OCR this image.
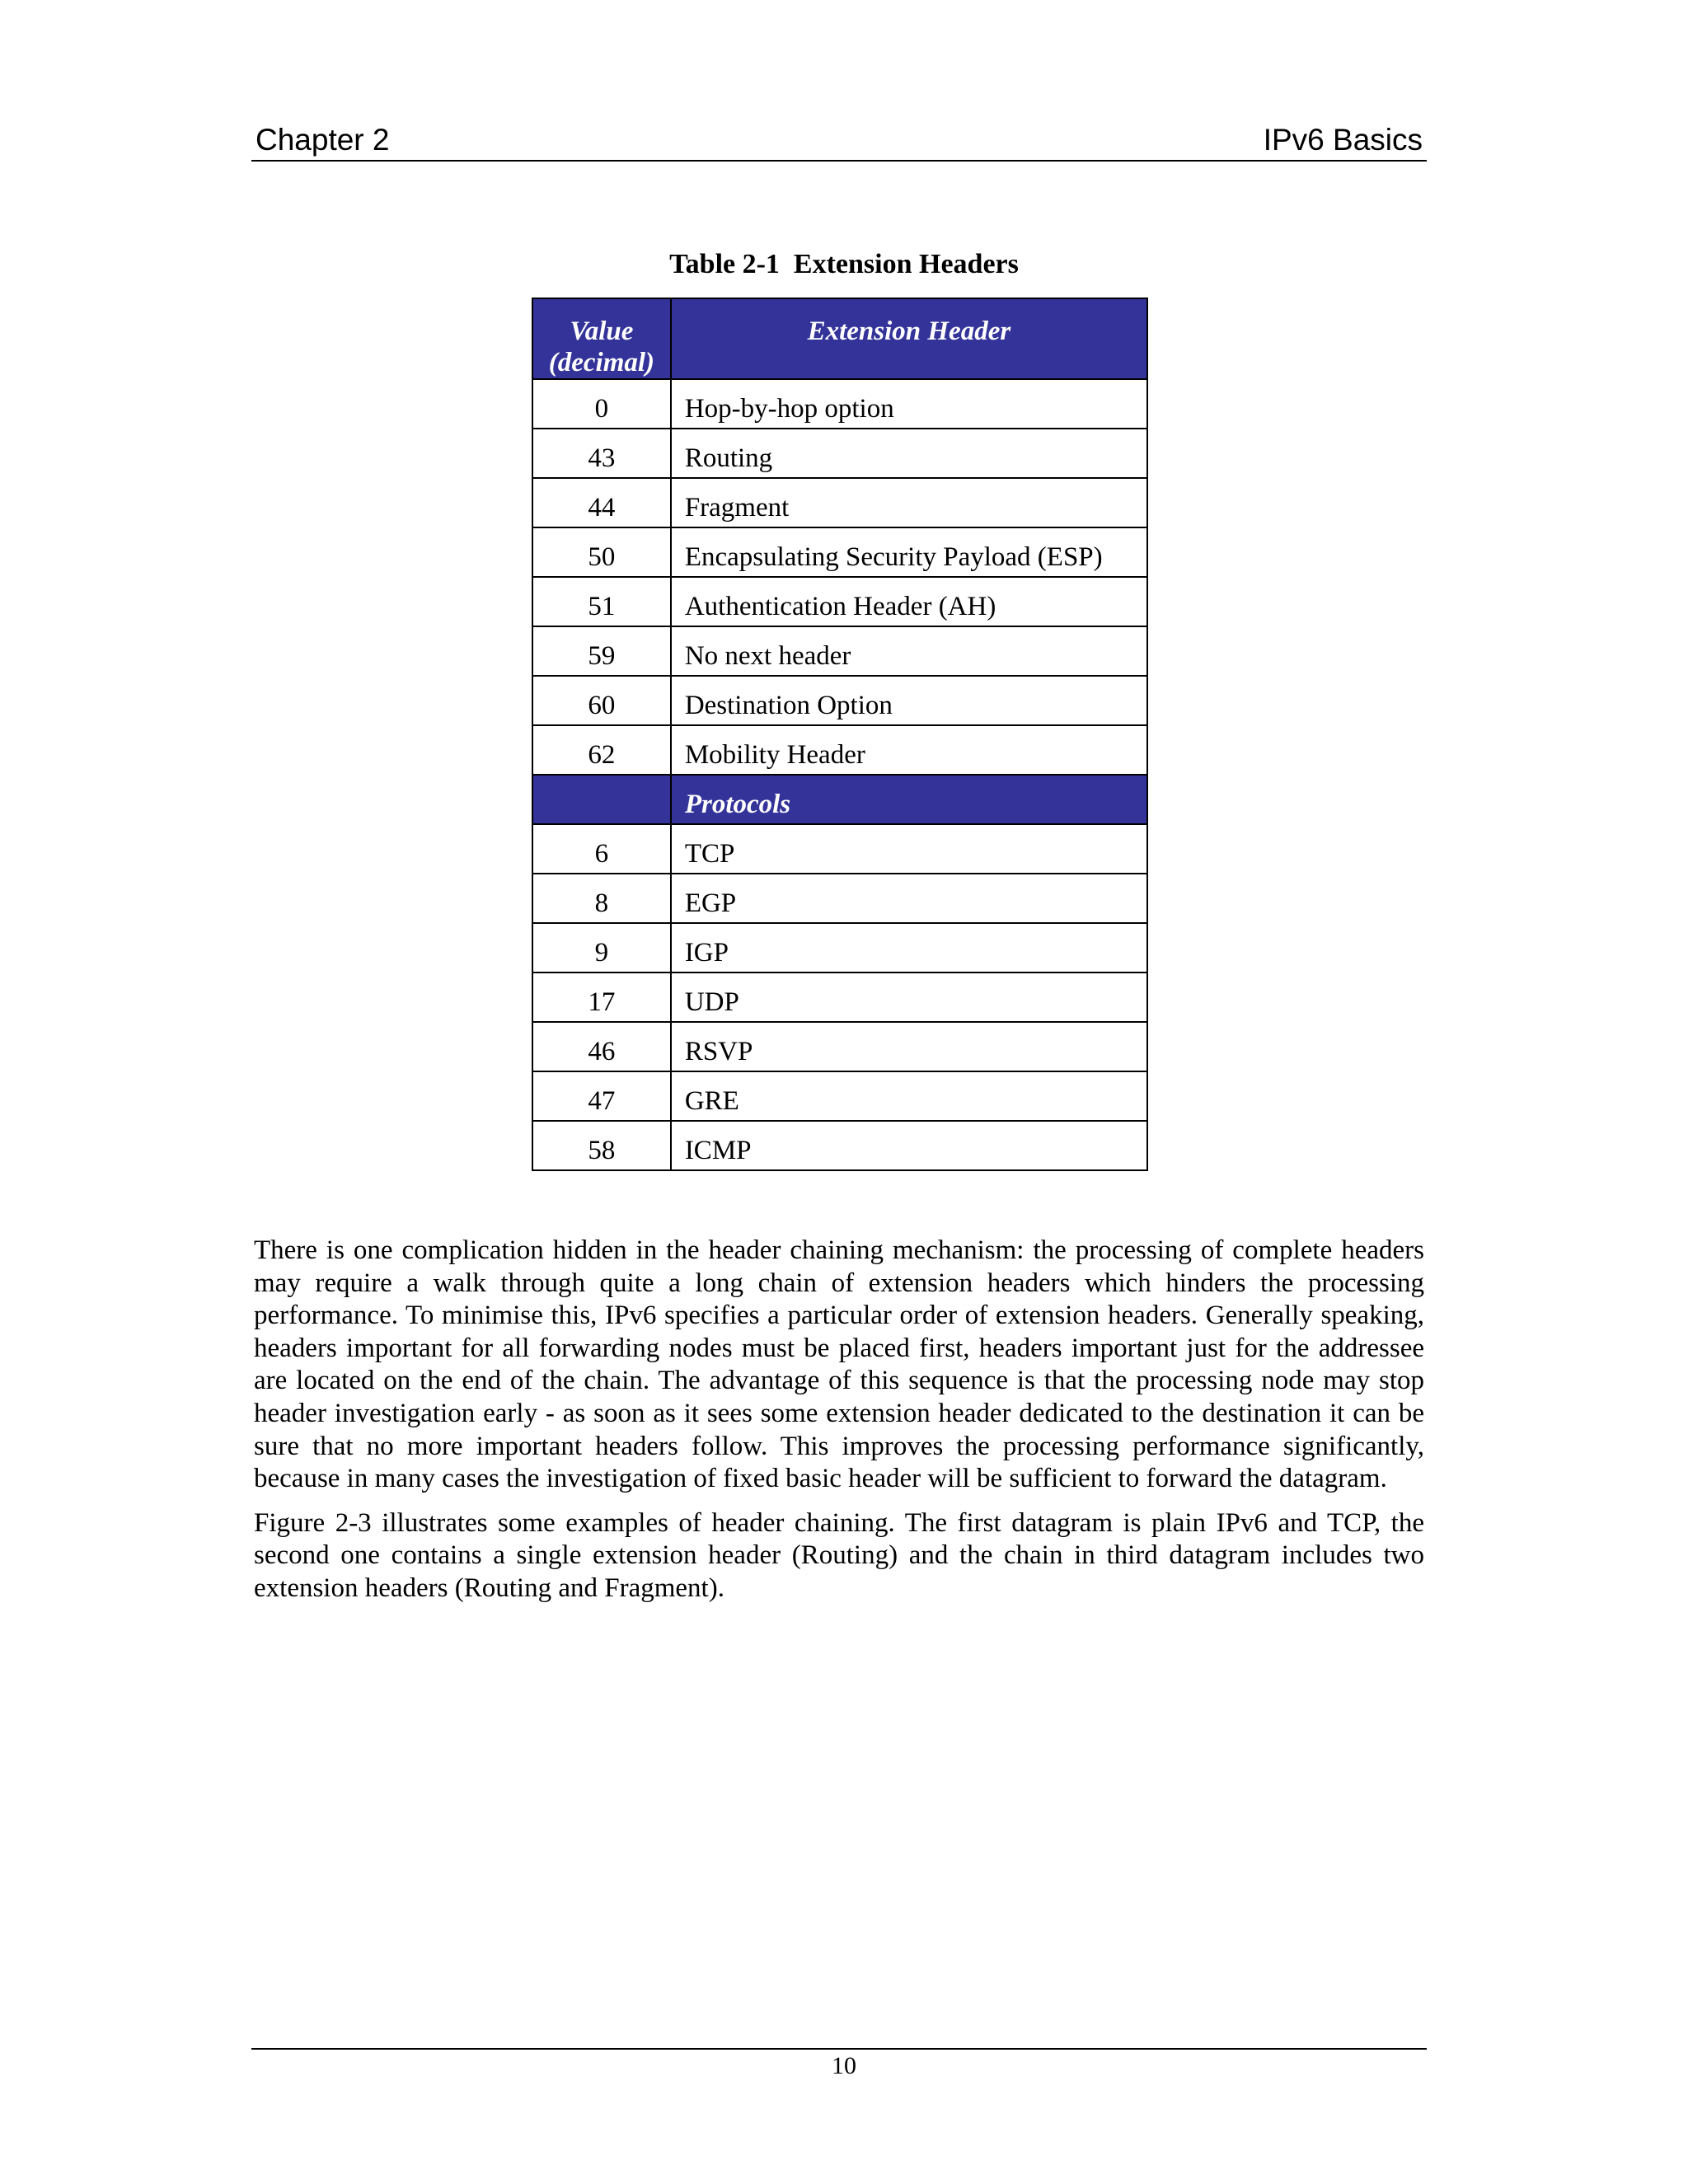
Chapter 2	IPv6 Basics
Table 2-1  Extension Headers
Value (decimal)	Extension Header
0	Hop-by-hop option
43	Routing
44	Fragment
50	Encapsulating Security Payload (ESP)
51	Authentication Header (AH)
59	No next header
60	Destination Option
62	Mobility Header
	Protocols
6	TCP
8	EGP
9	IGP
17	UDP
46	RSVP
47	GRE
58	ICMP

There is one complication hidden in the header chaining mechanism: the processing of complete headers may require a walk through quite a long chain of extension headers which hinders the processing performance. To minimise this, IPv6 specifies a particular order of extension headers. Generally speaking, headers important for all forwarding nodes must be placed first, headers important just for the addressee are located on the end of the chain. The advantage of this sequence is that the processing node may stop header investigation early - as soon as it sees some extension header dedicated to the destination it can be sure that no more important headers follow. This improves the processing performance significantly, because in many cases the investigation of fixed basic header will be sufficient to forward the datagram.

Figure 2-3 illustrates some examples of header chaining. The first datagram is plain IPv6 and TCP, the second one contains a single extension header (Routing) and the chain in third datagram includes two extension headers (Routing and Fragment).

10
